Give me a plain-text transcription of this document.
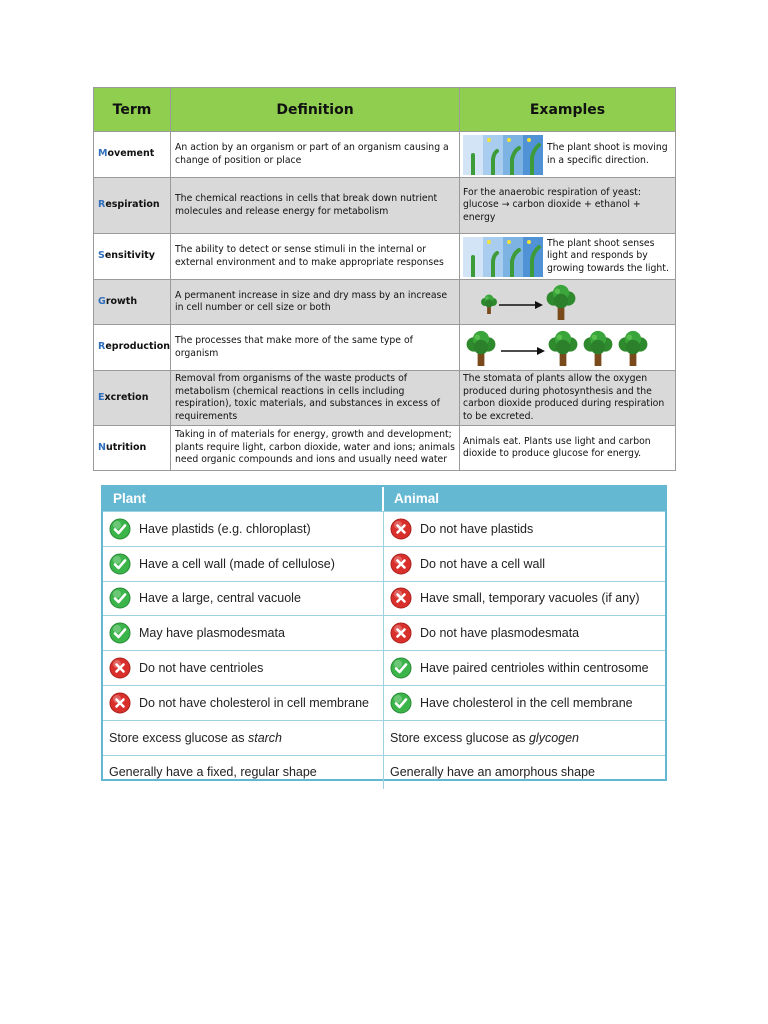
Term	Definition	Examples
Movement	An action by an organism or part of an organism causing a change of position or place	The plant shoot is moving in a specific direction.

Respiration	The chemical reactions in cells that break down nutrient molecules and release energy for metabolism	For the anaerobic respiration of yeast: glucose → carbon dioxide + ethanol + energy
Sensitivity	The ability to detect or sense stimuli in the internal or external environment and to make appropriate responses	The plant shoot senses light and responds by growing towards the light.

Growth	A permanent increase in size and dry mass by an increase in cell number or cell size or both	

Reproduction	The processes that make more of the same type of organism	

Excretion	Removal from organisms of the waste products of metabolism (chemical reactions in cells including respiration), toxic materials, and substances in excess of requirements	The stomata of plants allow the oxygen produced during photosynthesis and the carbon dioxide produced during respiration to be excreted.
Nutrition	Taking in of materials for energy, growth and development; plants require light, carbon dioxide, water and ions; animals need organic compounds and ions and usually need water	Animals eat. Plants use light and carbon dioxide to produce glucose for energy.
Plant	Animal
Have plastids (e.g. chloroplast)	Do not have plastids
Have a cell wall (made of cellulose)	Do not have a cell wall
Have a large, central vacuole	Have small, temporary vacuoles (if any)
May have plasmodesmata	Do not have plasmodesmata
Do not have centrioles	Have paired centrioles within centrosome
Do not have cholesterol in cell membrane	Have cholesterol in the cell membrane
Store excess glucose as starch	Store excess glucose as glycogen
Generally have a fixed, regular shape	Generally have an amorphous shape
